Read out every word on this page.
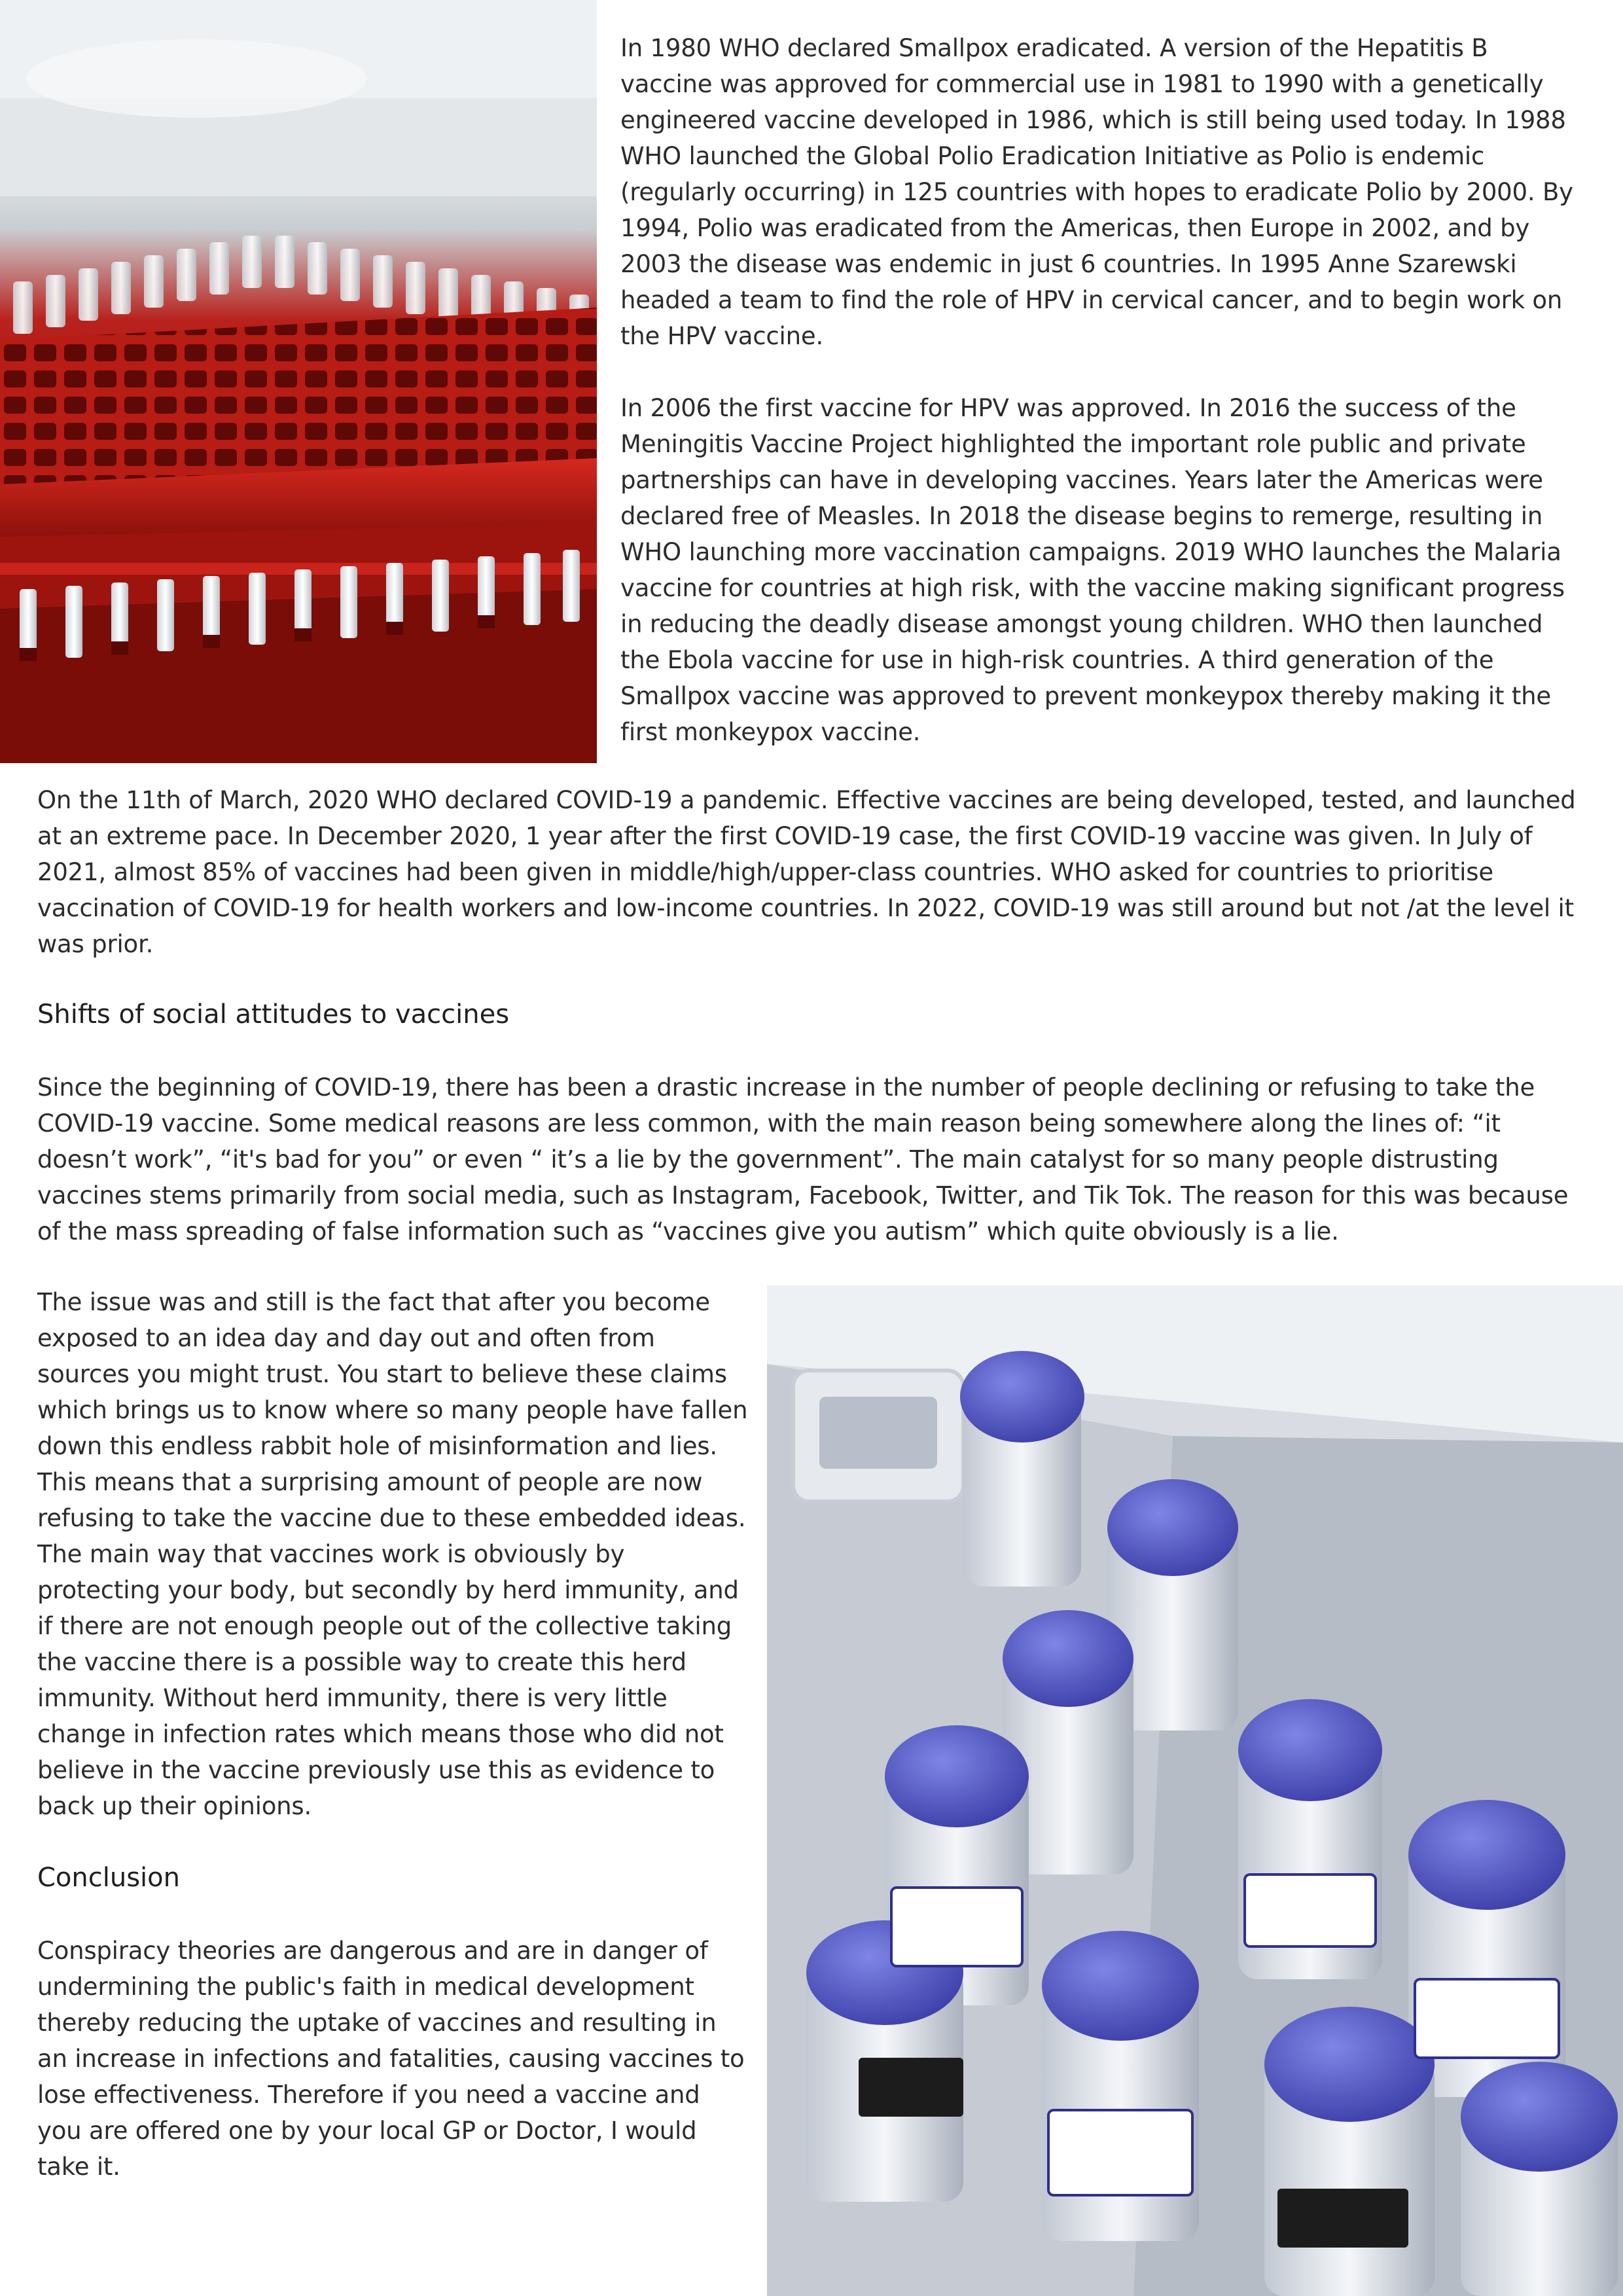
In 1980 WHO declared Smallpox eradicated. A version of the Hepatitis B vaccine was approved for commercial use in 1981 to 1990 with a genetically engineered vaccine developed in 1986, which is still being used today. In 1988 WHO launched the Global Polio Eradication Initiative as Polio is endemic (regularly occurring) in 125 countries with hopes to eradicate Polio by 2000. By 1994, Polio was eradicated from the Americas, then Europe in 2002, and by 2003 the disease was endemic in just 6 countries. In 1995 Anne Szarewski headed a team to find the role of HPV in cervical cancer, and to begin work on the HPV vaccine.

In 2006 the first vaccine for HPV was approved. In 2016 the success of the Meningitis Vaccine Project highlighted the important role public and private partnerships can have in developing vaccines. Years later the Americas were declared free of Measles. In 2018 the disease begins to remerge, resulting in WHO launching more vaccination campaigns. 2019 WHO launches the Malaria vaccine for countries at high risk, with the vaccine making significant progress in reducing the deadly disease amongst young children. WHO then launched the Ebola vaccine for use in high-risk countries. A third generation of the Smallpox vaccine was approved to prevent monkeypox thereby making it the first monkeypox vaccine.

On the 11th of March, 2020 WHO declared COVID-19 a pandemic. Effective vaccines are being developed, tested, and launched at an extreme pace. In December 2020, 1 year after the first COVID-19 case, the first COVID-19 vaccine was given. In July of 2021, almost 85% of vaccines had been given in middle/high/upper-class countries. WHO asked for countries to prioritise vaccination of COVID-19 for health workers and low-income countries. In 2022, COVID-19 was still around but not /at the level it was prior.

Shifts of social attitudes to vaccines

Since the beginning of COVID-19, there has been a drastic increase in the number of people declining or refusing to take the COVID-19 vaccine. Some medical reasons are less common, with the main reason being somewhere along the lines of: “it doesn’t work”, “it's bad for you” or even “ it’s a lie by the government”. The main catalyst for so many people distrusting vaccines stems primarily from social media, such as Instagram, Facebook, Twitter, and Tik Tok. The reason for this was because of the mass spreading of false information such as “vaccines give you autism” which quite obviously is a lie.

The issue was and still is the fact that after you become exposed to an idea day and day out and often from sources you might trust. You start to believe these claims which brings us to know where so many people have fallen down this endless rabbit hole of misinformation and lies. This means that a surprising amount of people are now refusing to take the vaccine due to these embedded ideas. The main way that vaccines work is obviously by protecting your body, but secondly by herd immunity, and if there are not enough people out of the collective taking the vaccine there is a possible way to create this herd immunity. Without herd immunity, there is very little change in infection rates which means those who did not believe in the vaccine previously use this as evidence to back up their opinions.

Conclusion

Conspiracy theories are dangerous and are in danger of undermining the public's faith in medical development thereby reducing the uptake of vaccines and resulting in an increase in infections and fatalities, causing vaccines to lose effectiveness. Therefore if you need a vaccine and you are offered one by your local GP or Doctor, I would take it.
